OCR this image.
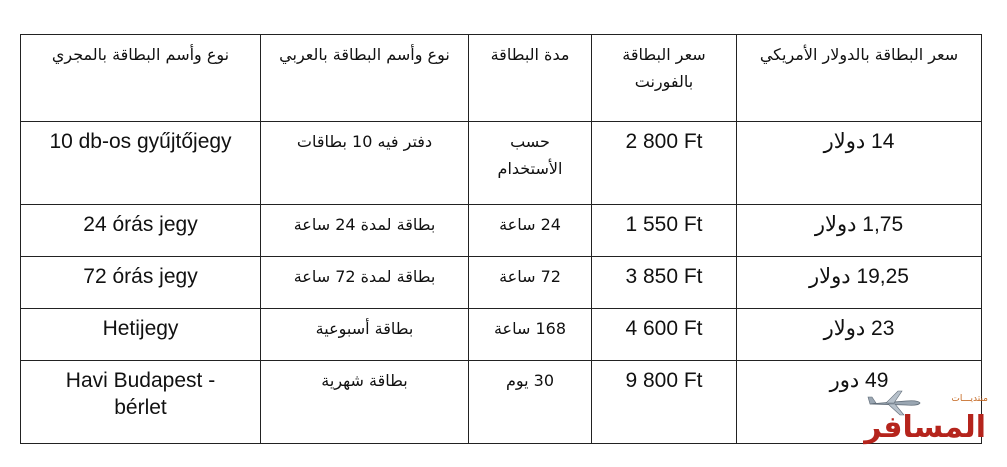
نوع وأسم البطاقة بالمجري	نوع وأسم البطاقة بالعربي	مدة البطاقة	سعر البطاقة بالفورنت	سعر البطاقة بالدولار الأمريكي

10 db-os gyűjtőjegy	دفتر فيه 10 بطاقات	حسب الأستخدام	2 800 Ft	14 دولار

24 órás jegy	بطاقة لمدة 24 ساعة	24 ساعة	1 550 Ft	1,75 دولار

72 órás jegy	بطاقة لمدة 72 ساعة	72 ساعة	3 850 Ft	19,25 دولار

Hetijegy	بطاقة أسبوعية	168 ساعة	4 600 Ft	23 دولار

Havi Budapest - bérlet	بطاقة شهرية	30 يوم	9 800 Ft	49 دور
منتديـــات
المسافر
